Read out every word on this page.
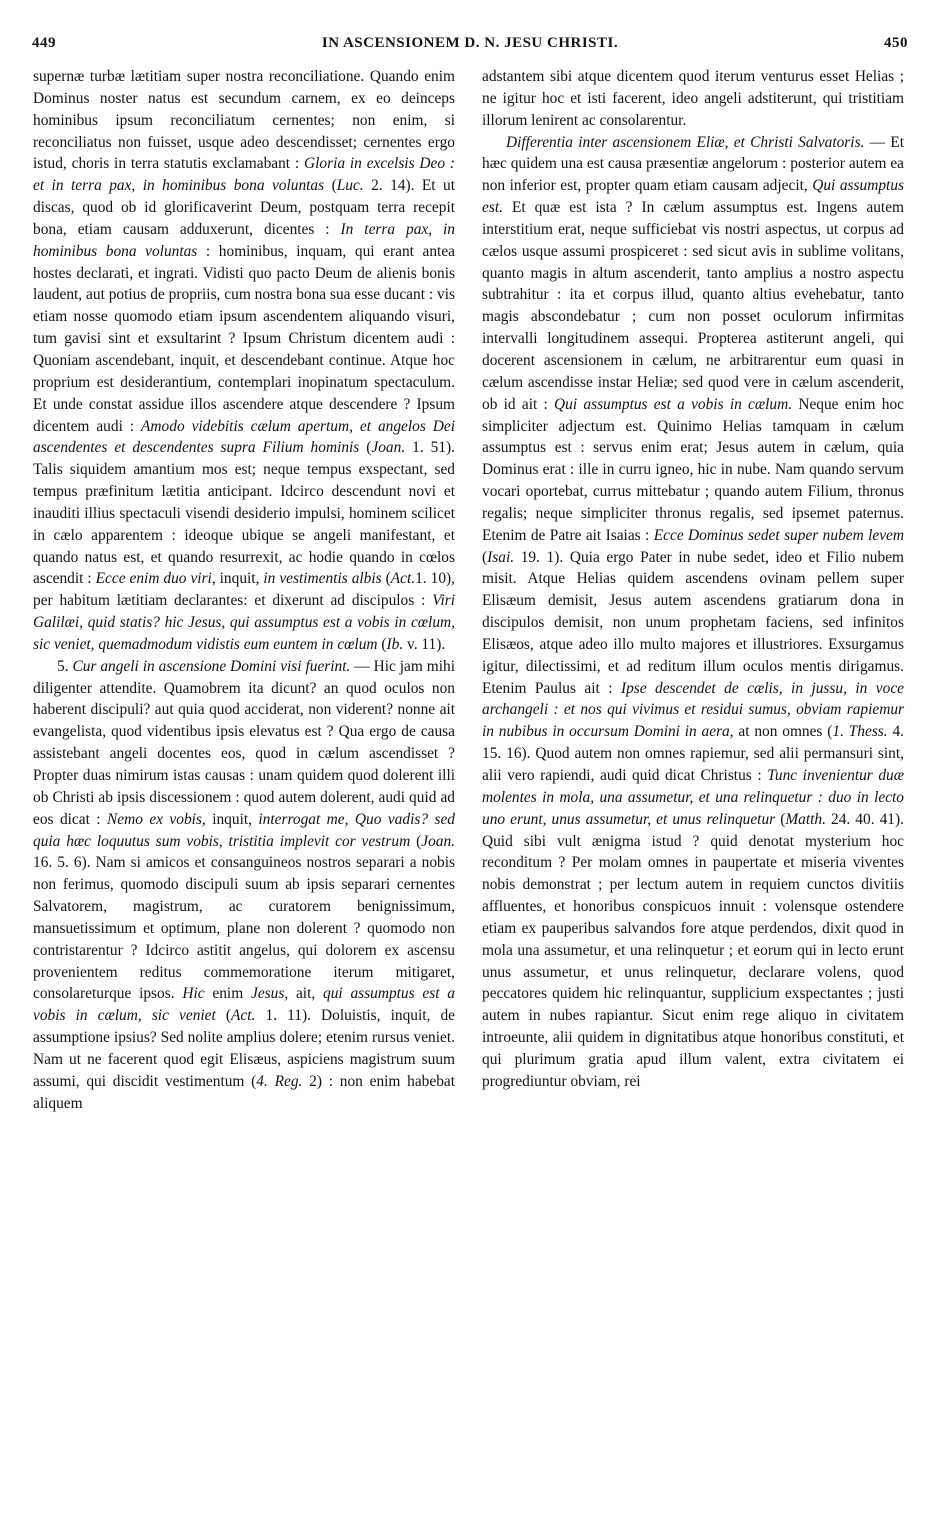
449	IN ASCENSIONEM D. N. JESU CHRISTI.	450

supernæ turbæ lætitiam super nostra reconciliatione. Quando enim Dominus noster natus est secundum carnem, ex eo deinceps hominibus ipsum reconciliatum cernentes; non enim, si reconciliatus non fuisset, usque adeo descendisset; cernentes ergo istud, choris in terra statutis exclamabant : Gloria in excelsis Deo : et in terra pax, in hominibus bona voluntas (Luc. 2. 14). Et ut discas, quod ob id glorificaverint Deum, postquam terra recepit bona, etiam causam adduxerunt, dicentes : In terra pax, in hominibus bona voluntas : hominibus, inquam, qui erant antea hostes declarati, et ingrati. Vidisti quo pacto Deum de alienis bonis laudent, aut potius de propriis, cum nostra bona sua esse ducant : vis etiam nosse quomodo etiam ipsum ascendentem aliquando visuri, tum gavisi sint et exsultarint ? Ipsum Christum dicentem audi : Quoniam ascendebant, inquit, et descendebant continue. Atque hoc proprium est desiderantium, contemplari inopinatum spectaculum. Et unde constat assidue illos ascendere atque descendere ? Ipsum dicentem audi : Amodo videbitis cælum apertum, et angelos Dei ascendentes et descendentes supra Filium hominis (Joan. 1. 51). Talis siquidem amantium mos est; neque tempus exspectant, sed tempus præfinitum lætitia anticipant. Idcirco descendunt novi et inauditi illius spectaculi visendi desiderio impulsi, hominem scilicet in cælo apparentem : ideoque ubique se angeli manifestant, et quando natus est, et quando resurrexit, ac hodie quando in cœlos ascendit : Ecce enim duo viri, inquit, in vestimentis albis (Act.1. 10), per habitum lætitiam declarantes: et dixerunt ad discipulos : Viri Galilæi, quid statis? hic Jesus, qui assumptus est a vobis in cœlum, sic veniet, quemadmodum vidistis eum euntem in cœlum (Ib. v. 11).

5. Cur angeli in ascensione Domini visi fuerint. — Hic jam mihi diligenter attendite. Quamobrem ita dicunt? an quod oculos non haberent discipuli? aut quia quod acciderat, non viderent? nonne ait evangelista, quod videntibus ipsis elevatus est ? Qua ergo de causa assistebant angeli docentes eos, quod in cælum ascendisset ? Propter duas nimirum istas causas : unam quidem quod dolerent illi ob Christi ab ipsis discessionem : quod autem dolerent, audi quid ad eos dicat : Nemo ex vobis, inquit, interrogat me, Quo vadis? sed quia hæc loquutus sum vobis, tristitia implevit cor vestrum (Joan. 16. 5. 6). Nam si amicos et consanguineos nostros separari a nobis non ferimus, quomodo discipuli suum ab ipsis separari cernentes Salvatorem, magistrum, ac curatorem benignissimum, mansuetissimum et optimum, plane non dolerent ? quomodo non contristarentur ? Idcirco astitit angelus, qui dolorem ex ascensu provenientem reditus commemoratione iterum mitigaret, consolareturque ipsos. Hic enim Jesus, ait, qui assumptus est a vobis in cælum, sic veniet (Act. 1. 11). Doluistis, inquit, de assumptione ipsius? Sed nolite amplius dolere; etenim rursus veniet. Nam ut ne facerent quod egit Elisæus, aspiciens magistrum suum assumi, qui discidit vestimentum (4. Reg. 2) : non enim habebat aliquem

adstantem sibi atque dicentem quod iterum venturus esset Helias ; ne igitur hoc et isti facerent, ideo angeli adstiterunt, qui tristitiam illorum lenirent ac consolarentur.

Differentia inter ascensionem Eliæ, et Christi Salvatoris. — Et hæc quidem una est causa præsentiæ angelorum : posterior autem ea non inferior est, propter quam etiam causam adjecit, Qui assumptus est. Et quæ est ista ? In cælum assumptus est. Ingens autem interstitium erat, neque sufficiebat vis nostri aspectus, ut corpus ad cælos usque assumi prospiceret : sed sicut avis in sublime volitans, quanto magis in altum ascenderit, tanto amplius a nostro aspectu subtrahitur : ita et corpus illud, quanto altius evehebatur, tanto magis abscondebatur ; cum non posset oculorum infirmitas intervalli longitudinem assequi. Propterea astiterunt angeli, qui docerent ascensionem in cælum, ne arbitrarentur eum quasi in cælum ascendisse instar Heliæ; sed quod vere in cælum ascenderit, ob id ait : Qui assumptus est a vobis in cælum. Neque enim hoc simpliciter adjectum est. Quinimo Helias tamquam in cælum assumptus est : servus enim erat; Jesus autem in cælum, quia Dominus erat : ille in curru igneo, hic in nube. Nam quando servum vocari oportebat, currus mittebatur ; quando autem Filium, thronus regalis; neque simpliciter thronus regalis, sed ipsemet paternus. Etenim de Patre ait Isaias : Ecce Dominus sedet super nubem levem (Isai. 19. 1). Quia ergo Pater in nube sedet, ideo et Filio nubem misit. Atque Helias quidem ascendens ovinam pellem super Elisæum demisit, Jesus autem ascendens gratiarum dona in discipulos demisit, non unum prophetam faciens, sed infinitos Elisæos, atque adeo illo multo majores et illustriores. Exsurgamus igitur, dilectissimi, et ad reditum illum oculos mentis dirigamus. Etenim Paulus ait : Ipse descendet de cælis, in jussu, in voce archangeli : et nos qui vivimus et residui sumus, obviam rapiemur in nubibus in occursum Domini in aera, at non omnes (1. Thess. 4. 15. 16). Quod autem non omnes rapiemur, sed alii permansuri sint, alii vero rapiendi, audi quid dicat Christus : Tunc invenientur duæ molentes in mola, una assumetur, et una relinquetur : duo in lecto uno erunt, unus assumetur, et unus relinquetur (Matth. 24. 40. 41). Quid sibi vult ænigma istud ? quid denotat mysterium hoc reconditum ? Per molam omnes in paupertate et miseria viventes nobis demonstrat ; per lectum autem in requiem cunctos divitiis affluentes, et honoribus conspicuos innuit : volensque ostendere etiam ex pauperibus salvandos fore atque perdendos, dixit quod in mola una assumetur, et una relinquetur ; et eorum qui in lecto erunt unus assumetur, et unus relinquetur, declarare volens, quod peccatores quidem hic relinquantur, supplicium exspectantes ; justi autem in nubes rapiantur. Sicut enim rege aliquo in civitatem introeunte, alii quidem in dignitatibus atque honoribus constituti, et qui plurimum gratia apud illum valent, extra civitatem ei progrediuntur obviam, rei
